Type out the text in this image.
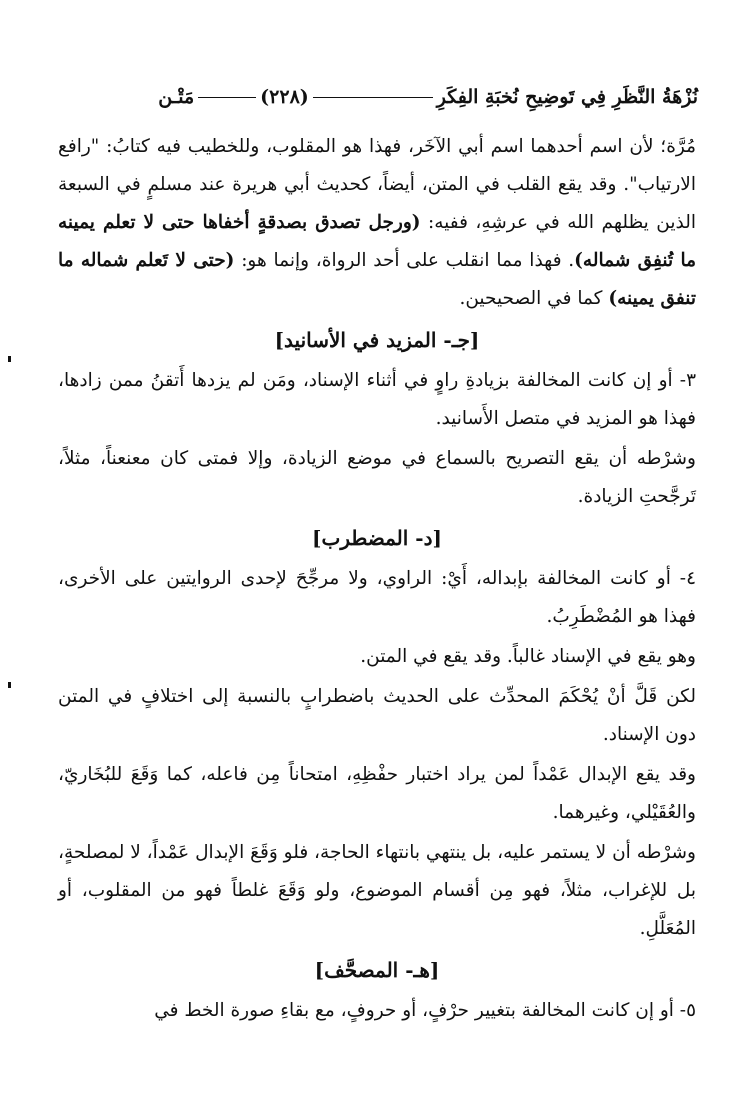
نُزْهَةُ النَّظَرِ فِي تَوضِيحِ نُخبَةِ الفِكَرِ
(٢٢٨)
مَتْـن

مُرَّة؛ لأن اسم أحدهما اسم أبي الآخَر، فهذا هو المقلوب، وللخطيب فيه كتابُ: "رافع الارتياب". وقد يقع القلب في المتن، أيضاً، كحديث أبي هريرة عند مسلمٍ في السبعة الذين يظلهم الله في عرشِهِ، ففيه: (ورجل تصدق بصدقةٍ أخفاها حتى لا تعلم يمينه ما تُنفِق شماله). فهذا مما انقلب على أحد الرواة، وإنما هو: (حتى لا تَعلم شماله ما تنفق يمينه) كما في الصحيحين.

[جـ- المزيد في الأسانيد]

٣- أو إن كانت المخالفة بزيادةِ راوٍ في أثناء الإسناد، ومَن لم يزدها أَتقنُ ممن زادها، فهذا هو المزيد في متصل الأَسانيد.

وشرْطه أن يقع التصريح بالسماع في موضع الزيادة، وإلا فمتى كان معنعناً، مثلاً، تَرجَّحتِ الزيادة.

[د- المضطرب]

٤- أو كانت المخالفة بإبداله، أَيْ: الراوي، ولا مرجِّحَ لإحدى الروايتين على الأخرى، فهذا هو المُضْطَرِبُ.

وهو يقع في الإسناد غالباً. وقد يقع في المتن.

لكن قَلَّ أنْ يُحْكَمَ المحدِّث على الحديث باضطرابٍ بالنسبة إلى اختلافٍ في المتن دون الإسناد.

وقد يقع الإبدال عَمْداً لمن يراد اختبار حفْظِهِ، امتحاناً مِن فاعله، كما وَقَعَ للبُخَاريّ، والعُقَيْلي، وغيرهما.

وشرْطه أن لا يستمر عليه، بل ينتهي بانتهاء الحاجة، فلو وَقَعَ الإبدال عَمْداً، لا لمصلحةٍ، بل للإغراب، مثلاً، فهو مِن أقسام الموضوع، ولو وَقَعَ غلطاً فهو من المقلوب، أو المُعَلَّلِ.

[هـ- المصحَّف]

٥- أو إن كانت المخالفة بتغيير حرْفٍ، أو حروفٍ، مع بقاءِ صورة الخط في
